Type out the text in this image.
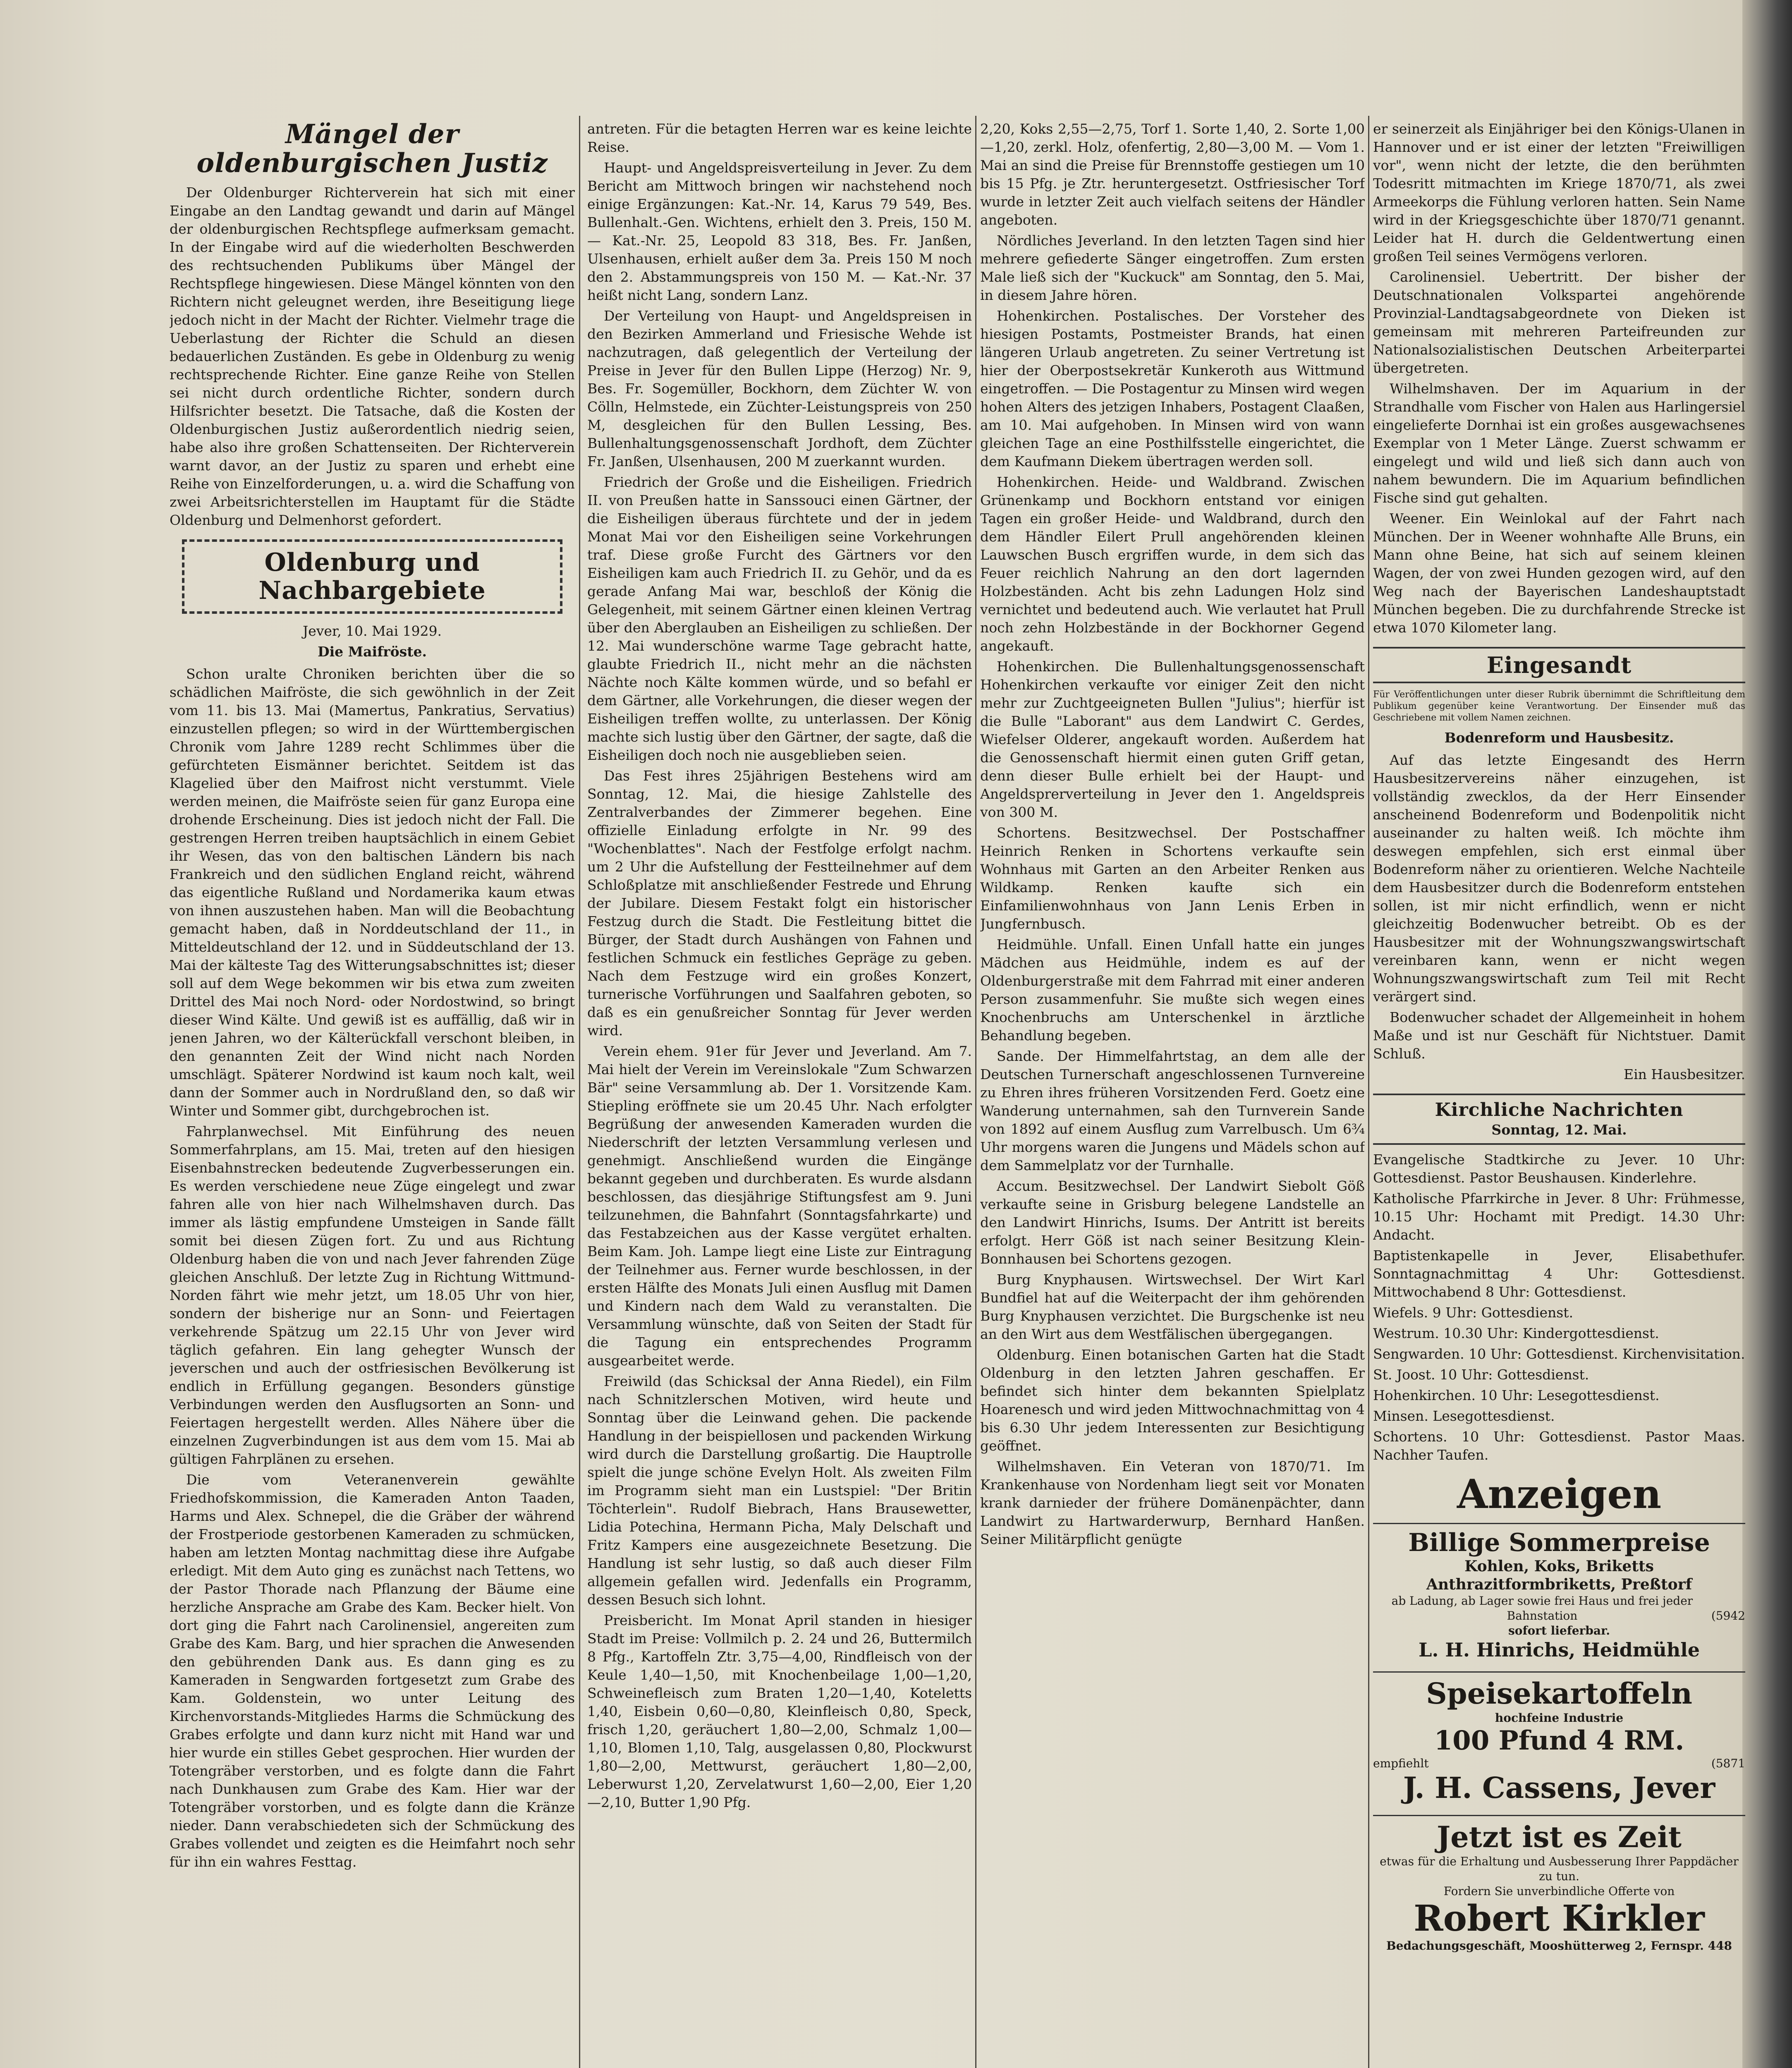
Mängel der oldenburgischen Justiz

Der Oldenburger Richterverein hat sich mit einer Eingabe an den Landtag gewandt und darin auf Mängel der oldenburgischen Rechtspflege aufmerksam gemacht. In der Eingabe wird auf die wiederholten Beschwerden des rechtsuchenden Publikums über Mängel der Rechtspflege hingewiesen. Diese Mängel könnten von den Richtern nicht geleugnet werden, ihre Beseitigung liege jedoch nicht in der Macht der Richter. Vielmehr trage die Ueberlastung der Richter die Schuld an diesen bedauerlichen Zuständen. Es gebe in Oldenburg zu wenig rechtsprechende Richter. Eine ganze Reihe von Stellen sei nicht durch ordentliche Richter, sondern durch Hilfsrichter besetzt. Die Tatsache, daß die Kosten der Oldenburgischen Justiz außerordentlich niedrig seien, habe also ihre großen Schattenseiten. Der Richterverein warnt davor, an der Justiz zu sparen und erhebt eine Reihe von Einzelforderungen, u. a. wird die Schaffung von zwei Arbeitsrichterstellen im Hauptamt für die Städte Oldenburg und Delmenhorst gefordert.

Oldenburg und Nachbargebiete
Jever, 10. Mai 1929.
Die Maifröste.

Schon uralte Chroniken berichten über die so schädlichen Maifröste, die sich gewöhnlich in der Zeit vom 11. bis 13. Mai (Mamertus, Pankratius, Servatius) einzustellen pflegen; so wird in der Württembergischen Chronik vom Jahre 1289 recht Schlimmes über die gefürchteten Eismänner berichtet. Seitdem ist das Klagelied über den Maifrost nicht verstummt. Viele werden meinen, die Maifröste seien für ganz Europa eine drohende Erscheinung. Dies ist jedoch nicht der Fall. Die gestrengen Herren treiben hauptsächlich in einem Gebiet ihr Wesen, das von den baltischen Ländern bis nach Frankreich und den südlichen England reicht, während das eigentliche Rußland und Nordamerika kaum etwas von ihnen auszustehen haben. Man will die Beobachtung gemacht haben, daß in Norddeutschland der 11., in Mitteldeutschland der 12. und in Süddeutschland der 13. Mai der kälteste Tag des Witterungsabschnittes ist; dieser soll auf dem Wege bekommen wir bis etwa zum zweiten Drittel des Mai noch Nord- oder Nordostwind, so bringt dieser Wind Kälte. Und gewiß ist es auffällig, daß wir in jenen Jahren, wo der Kälterückfall verschont bleiben, in den genannten Zeit der Wind nicht nach Norden umschlägt. Späterer Nordwind ist kaum noch kalt, weil dann der Sommer auch in Nordrußland den, so daß wir Winter und Sommer gibt, durchgebrochen ist.

Fahrplanwechsel. Mit Einführung des neuen Sommerfahrplans, am 15. Mai, treten auf den hiesigen Eisenbahnstrecken bedeutende Zugverbesserungen ein. Es werden verschiedene neue Züge eingelegt und zwar fahren alle von hier nach Wilhelmshaven durch. Das immer als lästig empfundene Umsteigen in Sande fällt somit bei diesen Zügen fort. Zu und aus Richtung Oldenburg haben die von und nach Jever fahrenden Züge gleichen Anschluß. Der letzte Zug in Richtung Wittmund-Norden fährt wie mehr jetzt, um 18.05 Uhr von hier, sondern der bisherige nur an Sonn- und Feiertagen verkehrende Spätzug um 22.15 Uhr von Jever wird täglich gefahren. Ein lang gehegter Wunsch der jeverschen und auch der ostfriesischen Bevölkerung ist endlich in Erfüllung gegangen. Besonders günstige Verbindungen werden den Ausflugsorten an Sonn- und Feiertagen hergestellt werden. Alles Nähere über die einzelnen Zugverbindungen ist aus dem vom 15. Mai ab gültigen Fahrplänen zu ersehen.

Die vom Veteranenverein gewählte Friedhofskommission, die Kameraden Anton Taaden, Harms und Alex. Schnepel, die die Gräber der während der Frostperiode gestorbenen Kameraden zu schmücken, haben am letzten Montag nachmittag diese ihre Aufgabe erledigt. Mit dem Auto ging es zunächst nach Tettens, wo der Pastor Thorade nach Pflanzung der Bäume eine herzliche Ansprache am Grabe des Kam. Becker hielt. Von dort ging die Fahrt nach Carolinensiel, angereiten zum Grabe des Kam. Barg, und hier sprachen die Anwesenden den gebührenden Dank aus. Es dann ging es zu Kameraden in Sengwarden fortgesetzt zum Grabe des Kam. Goldenstein, wo unter Leitung des Kirchenvorstands-Mitgliedes Harms die Schmückung des Grabes erfolgte und dann kurz nicht mit Hand war und hier wurde ein stilles Gebet gesprochen. Hier wurden der Totengräber verstorben, und es folgte dann die Fahrt nach Dunkhausen zum Grabe des Kam. Hier war der Totengräber vorstorben, und es folgte dann die Kränze nieder. Dann verabschiedeten sich der Schmückung des Grabes vollendet und zeigten es die Heimfahrt noch sehr für ihn ein wahres Festtag.

antreten. Für die betagten Herren war es keine leichte Reise.

Haupt- und Angeldspreisverteilung in Jever. Zu dem Bericht am Mittwoch bringen wir nachstehend noch einige Ergänzungen: Kat.-Nr. 14, Karus 79 549, Bes. Bullenhalt.-Gen. Wichtens, erhielt den 3. Preis, 150 M. — Kat.-Nr. 25, Leopold 83 318, Bes. Fr. Janßen, Ulsenhausen, erhielt außer dem 3a. Preis 150 M noch den 2. Abstammungspreis von 150 M. — Kat.-Nr. 37 heißt nicht Lang, sondern Lanz.

Der Verteilung von Haupt- und Angeldspreisen in den Bezirken Ammerland und Friesische Wehde ist nachzutragen, daß gelegentlich der Verteilung der Preise in Jever für den Bullen Lippe (Herzog) Nr. 9, Bes. Fr. Sogemüller, Bockhorn, dem Züchter W. von Cölln, Helmstede, ein Züchter-Leistungspreis von 250 M, desgleichen für den Bullen Lessing, Bes. Bullenhaltungsgenossenschaft Jordhoft, dem Züchter Fr. Janßen, Ulsenhausen, 200 M zuerkannt wurden.

Friedrich der Große und die Eisheiligen. Friedrich II. von Preußen hatte in Sanssouci einen Gärtner, der die Eisheiligen überaus fürchtete und der in jedem Monat Mai vor den Eisheiligen seine Vorkehrungen traf. Diese große Furcht des Gärtners vor den Eisheiligen kam auch Friedrich II. zu Gehör, und da es gerade Anfang Mai war, beschloß der König die Gelegenheit, mit seinem Gärtner einen kleinen Vertrag über den Aberglauben an Eisheiligen zu schließen. Der 12. Mai wunderschöne warme Tage gebracht hatte, glaubte Friedrich II., nicht mehr an die nächsten Nächte noch Kälte kommen würde, und so befahl er dem Gärtner, alle Vorkehrungen, die dieser wegen der Eisheiligen treffen wollte, zu unterlassen. Der König machte sich lustig über den Gärtner, der sagte, daß die Eisheiligen doch noch nie ausgeblieben seien.

Das Fest ihres 25jährigen Bestehens wird am Sonntag, 12. Mai, die hiesige Zahlstelle des Zentralverbandes der Zimmerer begehen. Eine offizielle Einladung erfolgte in Nr. 99 des "Wochenblattes". Nach der Festfolge erfolgt nachm. um 2 Uhr die Aufstellung der Festteilnehmer auf dem Schloßplatze mit anschließender Festrede und Ehrung der Jubilare. Diesem Festakt folgt ein historischer Festzug durch die Stadt. Die Festleitung bittet die Bürger, der Stadt durch Aushängen von Fahnen und festlichen Schmuck ein festliches Gepräge zu geben. Nach dem Festzuge wird ein großes Konzert, turnerische Vorführungen und Saalfahren geboten, so daß es ein genußreicher Sonntag für Jever werden wird.

Verein ehem. 91er für Jever und Jeverland. Am 7. Mai hielt der Verein im Vereinslokale "Zum Schwarzen Bär" seine Versammlung ab. Der 1. Vorsitzende Kam. Stiepling eröffnete sie um 20.45 Uhr. Nach erfolgter Begrüßung der anwesenden Kameraden wurden die Niederschrift der letzten Versammlung verlesen und genehmigt. Anschließend wurden die Eingänge bekannt gegeben und durchberaten. Es wurde alsdann beschlossen, das diesjährige Stiftungsfest am 9. Juni teilzunehmen, die Bahnfahrt (Sonntagsfahrkarte) und das Festabzeichen aus der Kasse vergütet erhalten. Beim Kam. Joh. Lampe liegt eine Liste zur Eintragung der Teilnehmer aus. Ferner wurde beschlossen, in der ersten Hälfte des Monats Juli einen Ausflug mit Damen und Kindern nach dem Wald zu veranstalten. Die Versammlung wünschte, daß von Seiten der Stadt für die Tagung ein entsprechendes Programm ausgearbeitet werde.

Freiwild (das Schicksal der Anna Riedel), ein Film nach Schnitzlerschen Motiven, wird heute und Sonntag über die Leinwand gehen. Die packende Handlung in der beispiellosen und packenden Wirkung wird durch die Darstellung großartig. Die Hauptrolle spielt die junge schöne Evelyn Holt. Als zweiten Film im Programm sieht man ein Lustspiel: "Der Britin Töchterlein". Rudolf Biebrach, Hans Brausewetter, Lidia Potechina, Hermann Picha, Maly Delschaft und Fritz Kampers eine ausgezeichnete Besetzung. Die Handlung ist sehr lustig, so daß auch dieser Film allgemein gefallen wird. Jedenfalls ein Programm, dessen Besuch sich lohnt.

Preisbericht. Im Monat April standen in hiesiger Stadt im Preise: Vollmilch p. 2. 24 und 26, Buttermilch 8 Pfg., Kartoffeln Ztr. 3,75—4,00, Rindfleisch von der Keule 1,40—1,50, mit Knochenbeilage 1,00—1,20, Schweinefleisch zum Braten 1,20—1,40, Koteletts 1,40, Eisbein 0,60—0,80, Kleinfleisch 0,80, Speck, frisch 1,20, geräuchert 1,80—2,00, Schmalz 1,00—1,10, Blomen 1,10, Talg, ausgelassen 0,80, Plockwurst 1,80—2,00, Mettwurst, geräuchert 1,80—2,00, Leberwurst 1,20, Zervelatwurst 1,60—2,00, Eier 1,20—2,10, Butter 1,90 Pfg.

2,20, Koks 2,55—2,75, Torf 1. Sorte 1,40, 2. Sorte 1,00—1,20, zerkl. Holz, ofenfertig, 2,80—3,00 M. — Vom 1. Mai an sind die Preise für Brennstoffe gestiegen um 10 bis 15 Pfg. je Ztr. heruntergesetzt. Ostfriesischer Torf wurde in letzter Zeit auch vielfach seitens der Händler angeboten.

Nördliches Jeverland. In den letzten Tagen sind hier mehrere gefiederte Sänger eingetroffen. Zum ersten Male ließ sich der "Kuckuck" am Sonntag, den 5. Mai, in diesem Jahre hören.

Hohenkirchen. Postalisches. Der Vorsteher des hiesigen Postamts, Postmeister Brands, hat einen längeren Urlaub angetreten. Zu seiner Vertretung ist hier der Oberpostsekretär Kunkeroth aus Wittmund eingetroffen. — Die Postagentur zu Minsen wird wegen hohen Alters des jetzigen Inhabers, Postagent Claaßen, am 10. Mai aufgehoben. In Minsen wird von wann gleichen Tage an eine Posthilfsstelle eingerichtet, die dem Kaufmann Diekem übertragen werden soll.

Hohenkirchen. Heide- und Waldbrand. Zwischen Grünenkamp und Bockhorn entstand vor einigen Tagen ein großer Heide- und Waldbrand, durch den dem Händler Eilert Prull angehörenden kleinen Lauwschen Busch ergriffen wurde, in dem sich das Feuer reichlich Nahrung an den dort lagernden Holzbeständen. Acht bis zehn Ladungen Holz sind vernichtet und bedeutend auch. Wie verlautet hat Prull noch zehn Holzbestände in der Bockhorner Gegend angekauft.

Hohenkirchen. Die Bullenhaltungsgenossenschaft Hohenkirchen verkaufte vor einiger Zeit den nicht mehr zur Zuchtgeeigneten Bullen "Julius"; hierfür ist die Bulle "Laborant" aus dem Landwirt C. Gerdes, Wiefelser Olderer, angekauft worden. Außerdem hat die Genossenschaft hiermit einen guten Griff getan, denn dieser Bulle erhielt bei der Haupt- und Angeldsprerverteilung in Jever den 1. Angeldspreis von 300 M.

Schortens. Besitzwechsel. Der Postschaffner Heinrich Renken in Schortens verkaufte sein Wohnhaus mit Garten an den Arbeiter Renken aus Wildkamp. Renken kaufte sich ein Einfamilienwohnhaus von Jann Lenis Erben in Jungfernbusch.

Heidmühle. Unfall. Einen Unfall hatte ein junges Mädchen aus Heidmühle, indem es auf der Oldenburgerstraße mit dem Fahrrad mit einer anderen Person zusammenfuhr. Sie mußte sich wegen eines Knochenbruchs am Unterschenkel in ärztliche Behandlung begeben.

Sande. Der Himmelfahrtstag, an dem alle der Deutschen Turnerschaft angeschlossenen Turnvereine zu Ehren ihres früheren Vorsitzenden Ferd. Goetz eine Wanderung unternahmen, sah den Turnverein Sande von 1892 auf einem Ausflug zum Varrelbusch. Um 6¾ Uhr morgens waren die Jungens und Mädels schon auf dem Sammelplatz vor der Turnhalle.

Accum. Besitzwechsel. Der Landwirt Siebolt Göß verkaufte seine in Grisburg belegene Landstelle an den Landwirt Hinrichs, Isums. Der Antritt ist bereits erfolgt. Herr Göß ist nach seiner Besitzung Klein-Bonnhausen bei Schortens gezogen.

Burg Knyphausen. Wirtswechsel. Der Wirt Karl Bundfiel hat auf die Weiterpacht der ihm gehörenden Burg Knyphausen verzichtet. Die Burgschenke ist neu an den Wirt aus dem Westfälischen übergegangen.

Oldenburg. Einen botanischen Garten hat die Stadt Oldenburg in den letzten Jahren geschaffen. Er befindet sich hinter dem bekannten Spielplatz Hoarenesch und wird jeden Mittwochnachmittag von 4 bis 6.30 Uhr jedem Interessenten zur Besichtigung geöffnet.

Wilhelmshaven. Ein Veteran von 1870/71. Im Krankenhause von Nordenham liegt seit vor Monaten krank darnieder der frühere Domänenpächter, dann Landwirt zu Hartwarderwurp, Bernhard Hanßen. Seiner Militärpflicht genügte

er seinerzeit als Einjähriger bei den Königs-Ulanen in Hannover und er ist einer der letzten "Freiwilligen vor", wenn nicht der letzte, die den berühmten Todesritt mitmachten im Kriege 1870/71, als zwei Armeekorps die Fühlung verloren hatten. Sein Name wird in der Kriegsgeschichte über 1870/71 genannt. Leider hat H. durch die Geldentwertung einen großen Teil seines Vermögens verloren.

Carolinensiel. Uebertritt. Der bisher der Deutschnationalen Volkspartei angehörende Provinzial-Landtagsabgeordnete von Dieken ist gemeinsam mit mehreren Parteifreunden zur Nationalsozialistischen Deutschen Arbeiterpartei übergetreten.

Wilhelmshaven. Der im Aquarium in der Strandhalle vom Fischer von Halen aus Harlingersiel eingelieferte Dornhai ist ein großes ausgewachsenes Exemplar von 1 Meter Länge. Zuerst schwamm er eingelegt und wild und ließ sich dann auch von nahem bewundern. Die im Aquarium befindlichen Fische sind gut gehalten.

Weener. Ein Weinlokal auf der Fahrt nach München. Der in Weener wohnhafte Alle Bruns, ein Mann ohne Beine, hat sich auf seinem kleinen Wagen, der von zwei Hunden gezogen wird, auf den Weg nach der Bayerischen Landeshauptstadt München begeben. Die zu durchfahrende Strecke ist etwa 1070 Kilometer lang.

Eingesandt
Für Veröffentlichungen unter dieser Rubrik übernimmt die Schriftleitung dem Publikum gegenüber keine Verantwortung. Der Einsender muß das Geschriebene mit vollem Namen zeichnen.
Bodenreform und Hausbesitz.

Auf das letzte Eingesandt des Herrn Hausbesitzervereins näher einzugehen, ist vollständig zwecklos, da der Herr Einsender anscheinend Bodenreform und Bodenpolitik nicht auseinander zu halten weiß. Ich möchte ihm deswegen empfehlen, sich erst einmal über Bodenreform näher zu orientieren. Welche Nachteile dem Hausbesitzer durch die Bodenreform entstehen sollen, ist mir nicht erfindlich, wenn er nicht gleichzeitig Bodenwucher betreibt. Ob es der Hausbesitzer mit der Wohnungszwangswirtschaft vereinbaren kann, wenn er nicht wegen Wohnungszwangswirtschaft zum Teil mit Recht verärgert sind.

Bodenwucher schadet der Allgemeinheit in hohem Maße und ist nur Geschäft für Nichtstuer. Damit Schluß.

Ein Hausbesitzer.

Kirchliche Nachrichten
Sonntag, 12. Mai.

Evangelische Stadtkirche zu Jever. 10 Uhr: Gottesdienst. Pastor Beushausen. Kinderlehre.

Katholische Pfarrkirche in Jever. 8 Uhr: Frühmesse, 10.15 Uhr: Hochamt mit Predigt. 14.30 Uhr: Andacht.

Baptistenkapelle in Jever, Elisabethufer. Sonntagnachmittag 4 Uhr: Gottesdienst. Mittwochabend 8 Uhr: Gottesdienst.

Wiefels. 9 Uhr: Gottesdienst.

Westrum. 10.30 Uhr: Kindergottesdienst.

Sengwarden. 10 Uhr: Gottesdienst. Kirchenvisitation.

St. Joost. 10 Uhr: Gottesdienst.

Hohenkirchen. 10 Uhr: Lesegottesdienst.

Minsen. Lesegottesdienst.

Schortens. 10 Uhr: Gottesdienst. Pastor Maas. Nachher Taufen.

Anzeigen
Billige Sommerpreise
Kohlen, Koks, Briketts Anthrazitformbriketts, Preßtorf
ab Ladung, ab Lager sowie frei Haus und frei jeder Bahnstation	(5942
sofort lieferbar.
L. H. Hinrichs, Heidmühle
Speisekartoffeln
hochfeine Industrie
100 Pfund 4 RM.
empfiehlt	(5871
J. H. Cassens, Jever
Jetzt ist es Zeit
etwas für die Erhaltung und Ausbesserung Ihrer Pappdächer zu tun.
Fordern Sie unverbindliche Offerte von
Robert Kirkler
Bedachungsgeschäft, Mooshütterweg 2, Fernspr. 448
